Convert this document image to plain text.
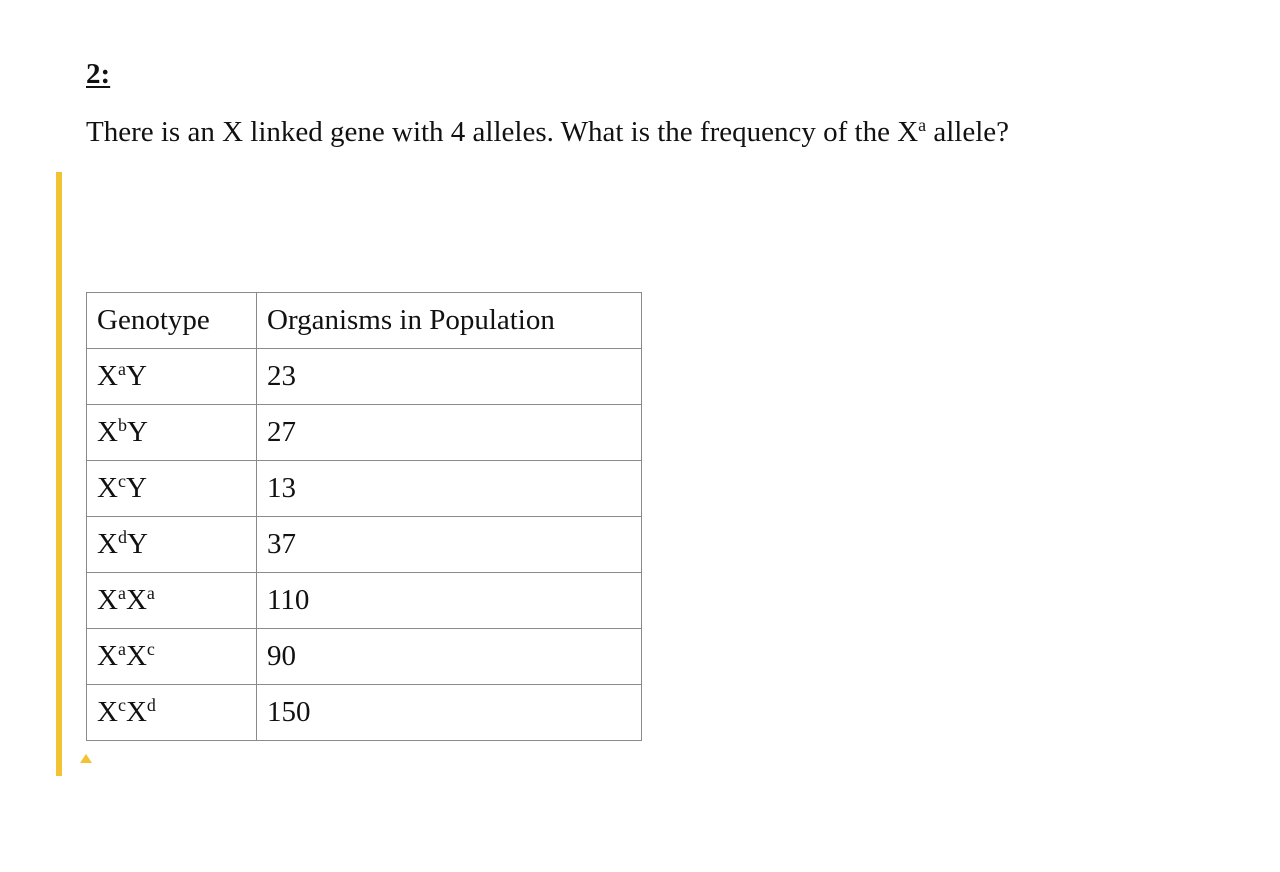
2:

There is an X linked gene with 4 alleles. What is the frequency of the $X^a$ allele?

Genotype	Organisms in Population
$X^aY$	23
$X^bY$	27
$X^cY$	13
$X^dY$	37
$X^aX^a$	110
$X^aX^c$	90
$X^cX^d$	150
